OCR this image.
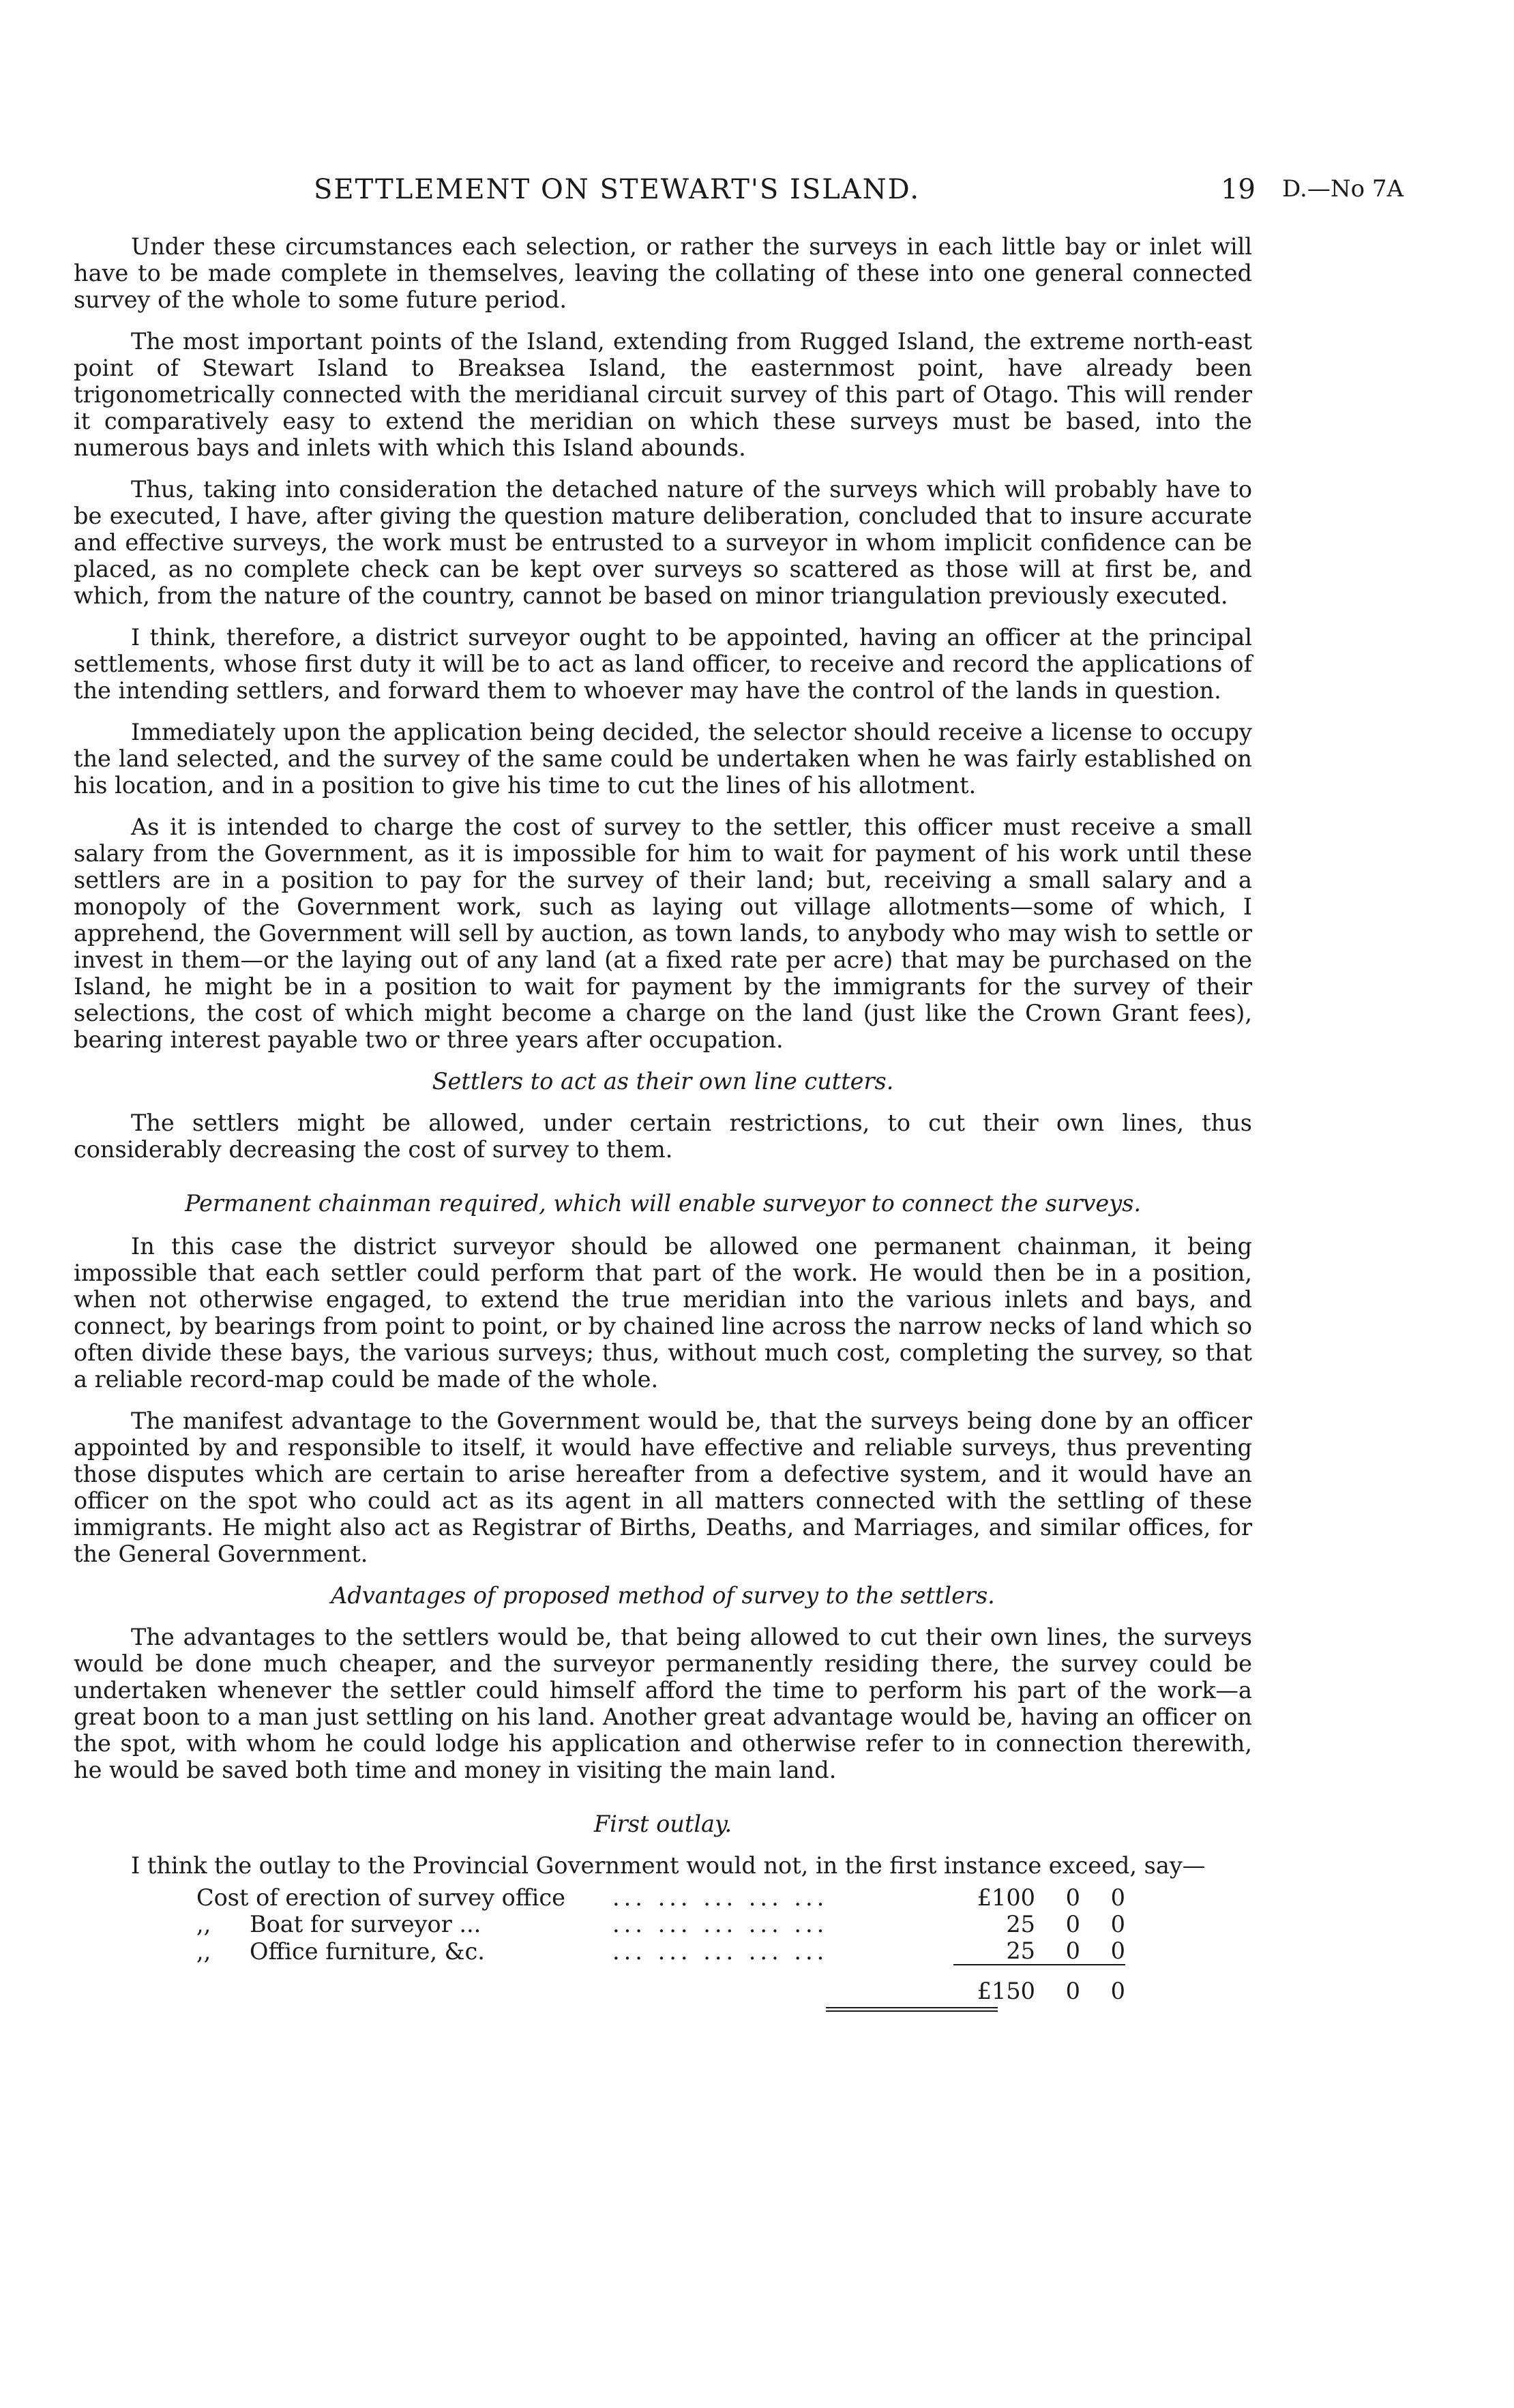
SETTLEMENT ON STEWART'S ISLAND.	19 D.—No 7A

Under these circumstances each selection, or rather the surveys in each little bay or inlet will have to be made complete in themselves, leaving the collating of these into one general connected survey of the whole to some future period.

The most important points of the Island, extending from Rugged Island, the extreme north-east point of Stewart Island to Breaksea Island, the easternmost point, have already been trigonometrically connected with the meridianal circuit survey of this part of Otago. This will render it comparatively easy to extend the meridian on which these surveys must be based, into the numerous bays and inlets with which this Island abounds.

Thus, taking into consideration the detached nature of the surveys which will probably have to be executed, I have, after giving the question mature deliberation, concluded that to insure accurate and effective surveys, the work must be entrusted to a surveyor in whom implicit confidence can be placed, as no complete check can be kept over surveys so scattered as those will at first be, and which, from the nature of the country, cannot be based on minor triangulation previously executed.

I think, therefore, a district surveyor ought to be appointed, having an officer at the principal settlements, whose first duty it will be to act as land officer, to receive and record the applications of the intending settlers, and forward them to whoever may have the control of the lands in question.

Immediately upon the application being decided, the selector should receive a license to occupy the land selected, and the survey of the same could be undertaken when he was fairly established on his location, and in a position to give his time to cut the lines of his allotment.

As it is intended to charge the cost of survey to the settler, this officer must receive a small salary from the Government, as it is impossible for him to wait for payment of his work until these settlers are in a position to pay for the survey of their land; but, receiving a small salary and a monopoly of the Government work, such as laying out village allotments—some of which, I apprehend, the Government will sell by auction, as town lands, to anybody who may wish to settle or invest in them—or the laying out of any land (at a fixed rate per acre) that may be purchased on the Island, he might be in a position to wait for payment by the immigrants for the survey of their selections, the cost of which might become a charge on the land (just like the Crown Grant fees), bearing interest payable two or three years after occupation.

Settlers to act as their own line cutters.

The settlers might be allowed, under certain restrictions, to cut their own lines, thus considerably decreasing the cost of survey to them.

Permanent chainman required, which will enable surveyor to connect the surveys.

In this case the district surveyor should be allowed one permanent chainman, it being impossible that each settler could perform that part of the work. He would then be in a position, when not otherwise engaged, to extend the true meridian into the various inlets and bays, and connect, by bearings from point to point, or by chained line across the narrow necks of land which so often divide these bays, the various surveys; thus, without much cost, completing the survey, so that a reliable record-map could be made of the whole.

The manifest advantage to the Government would be, that the surveys being done by an officer appointed by and responsible to itself, it would have effective and reliable surveys, thus preventing those disputes which are certain to arise hereafter from a defective system, and it would have an officer on the spot who could act as its agent in all matters connected with the settling of these immigrants. He might also act as Registrar of Births, Deaths, and Marriages, and similar offices, for the General Government.

Advantages of proposed method of survey to the settlers.

The advantages to the settlers would be, that being allowed to cut their own lines, the surveys would be done much cheaper, and the surveyor permanently residing there, the survey could be undertaken whenever the settler could himself afford the time to perform his part of the work—a great boon to a man just settling on his land. Another great advantage would be, having an officer on the spot, with whom he could lodge his application and otherwise refer to in connection therewith, he would be saved both time and money in visiting the main land.

First outlay.
I think the outlay to the Provincial Government would not, in the first instance exceed, say—
Cost of erection of survey office	... ... ... ... ...	£100	0	0
,, Boat for surveyor ...	... ... ... ... ...	25	0	0
,, Office furniture, &c.	... ... ... ... ...	25	0	0
		£150	0	0
